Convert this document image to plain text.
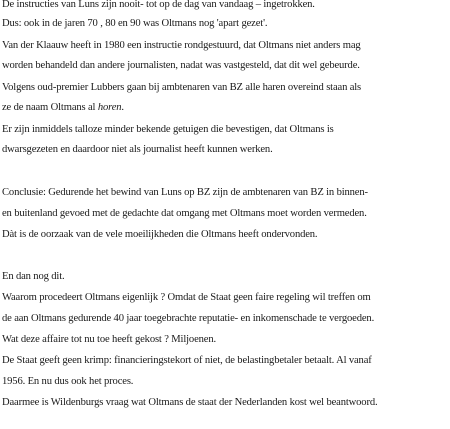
De instructies van Luns zijn nooit- tot op de dag van vandaag – ingetrokken.
Dus: ook in de jaren 70 , 80 en 90 was Oltmans nog 'apart gezet'.
Van der Klaauw heeft in 1980 een instructie rondgestuurd, dat Oltmans niet anders mag
worden behandeld dan andere journalisten, nadat was vastgesteld, dat dit wel gebeurde.
Volgens oud-premier Lubbers gaan bij ambtenaren van BZ alle haren overeind staan als
ze de naam Oltmans al horen.
Er zijn inmiddels talloze minder bekende getuigen die bevestigen, dat Oltmans is
dwarsgezeten en daardoor niet als journalist heeft kunnen werken.
Conclusie: Gedurende het bewind van Luns op BZ zijn de ambtenaren van BZ in binnen-
en buitenland gevoed met de gedachte dat omgang met Oltmans moet worden vermeden.
Dàt is de oorzaak van de vele moeilijkheden die Oltmans heeft ondervonden.
En dan nog dit.
Waarom procedeert Oltmans eigenlijk ? Omdat de Staat geen faire regeling wil treffen om
de aan Oltmans gedurende 40 jaar toegebrachte reputatie- en inkomenschade te vergoeden.
Wat deze affaire tot nu toe heeft gekost ? Miljoenen.
De Staat geeft geen krimp: financieringstekort of niet, de belastingbetaler betaalt. Al vanaf
1956. En nu dus ook het proces.
Daarmee is Wildenburgs vraag wat Oltmans de staat der Nederlanden kost wel beantwoord.
